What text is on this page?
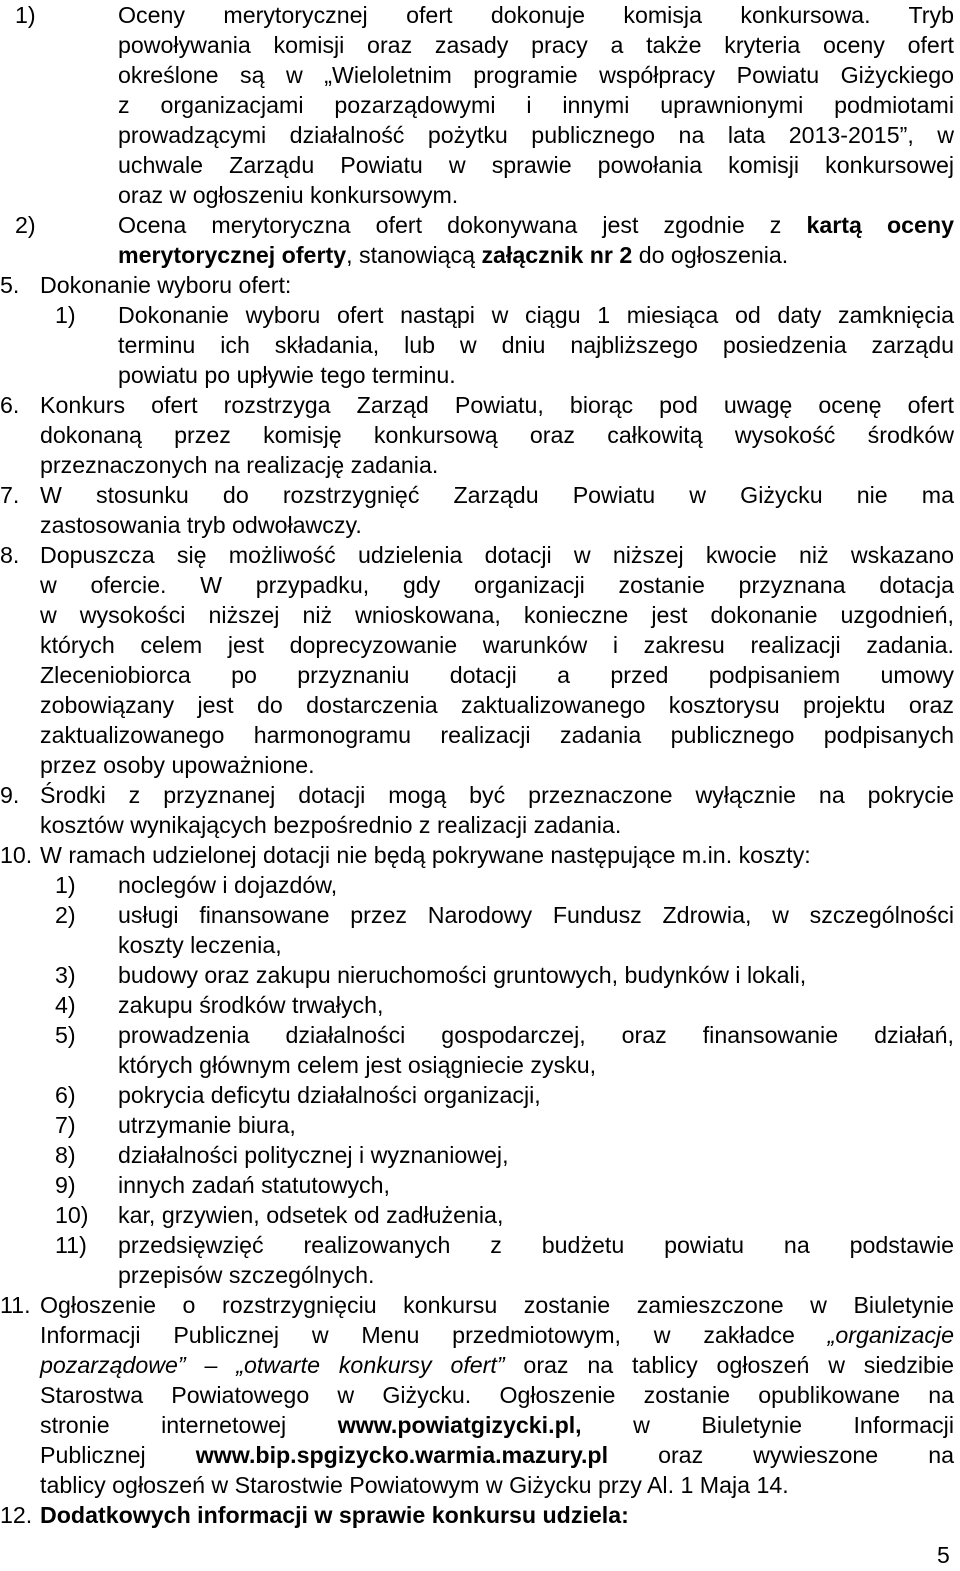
1)	Oceny merytorycznej ofert dokonuje komisja konkursowa. Tryb
powoływania komisji oraz zasady pracy a także kryteria oceny ofert
określone są w „Wieloletnim programie współpracy Powiatu Giżyckiego
z organizacjami pozarządowymi i innymi uprawnionymi podmiotami
prowadzącymi działalność pożytku publicznego na lata 2013-2015”, w
uchwale Zarządu Powiatu w sprawie powołania komisji konkursowej
oraz w ogłoszeniu konkursowym.
2)	Ocena merytoryczna ofert dokonywana jest zgodnie z kartą oceny
merytorycznej oferty, stanowiącą załącznik nr 2 do ogłoszenia.
5. Dokonanie wyboru ofert:
1) Dokonanie wyboru ofert nastąpi w ciągu 1 miesiąca od daty zamknięcia
terminu ich składania, lub w dniu najbliższego posiedzenia zarządu
powiatu po upływie tego terminu.
6. Konkurs ofert rozstrzyga Zarząd Powiatu, biorąc pod uwagę ocenę ofert
dokonaną przez komisję konkursową oraz całkowitą wysokość środków
przeznaczonych na realizację zadania.
7. W stosunku do rozstrzygnięć Zarządu Powiatu w Giżycku nie ma
zastosowania tryb odwoławczy.
8. Dopuszcza się możliwość udzielenia dotacji w niższej kwocie niż wskazano
w ofercie. W przypadku, gdy organizacji zostanie przyznana dotacja
w wysokości niższej niż wnioskowana, konieczne jest dokonanie uzgodnień,
których celem jest doprecyzowanie warunków i zakresu realizacji zadania.
Zleceniobiorca po przyznaniu dotacji a przed podpisaniem umowy
zobowiązany jest do dostarczenia zaktualizowanego kosztorysu projektu oraz
zaktualizowanego harmonogramu realizacji zadania publicznego podpisanych
przez osoby upoważnione.
9. Środki z przyznanej dotacji mogą być przeznaczone wyłącznie na pokrycie
kosztów wynikających bezpośrednio z realizacji zadania.
10. W ramach udzielonej dotacji nie będą pokrywane następujące m.in. koszty:
1) noclegów i dojazdów,
2) usługi finansowane przez Narodowy Fundusz Zdrowia, w szczególności
koszty leczenia,
3) budowy oraz zakupu nieruchomości gruntowych, budynków i lokali,
4) zakupu środków trwałych,
5) prowadzenia działalności gospodarczej, oraz finansowanie działań,
których głównym celem jest osiągniecie zysku,
6) pokrycia deficytu działalności organizacji,
7) utrzymanie biura,
8) działalności politycznej i wyznaniowej,
9) innych zadań statutowych,
10) kar, grzywien, odsetek od zadłużenia,
11) przedsięwzięć realizowanych z budżetu powiatu na podstawie
przepisów szczególnych.
11. Ogłoszenie o rozstrzygnięciu konkursu zostanie zamieszczone w Biuletynie
Informacji Publicznej w Menu przedmiotowym, w zakładce „organizacje
pozarządowe” – „otwarte konkursy ofert” oraz na tablicy ogłoszeń w siedzibie
Starostwa Powiatowego w Giżycku. Ogłoszenie zostanie opublikowane na
stronie internetowej www.powiatgizycki.pl, w Biuletynie Informacji
Publicznej www.bip.spgizycko.warmia.mazury.pl oraz wywieszone na
tablicy ogłoszeń w Starostwie Powiatowym w Giżycku przy Al. 1 Maja 14.
12. Dodatkowych informacji w sprawie konkursu udziela:
5
